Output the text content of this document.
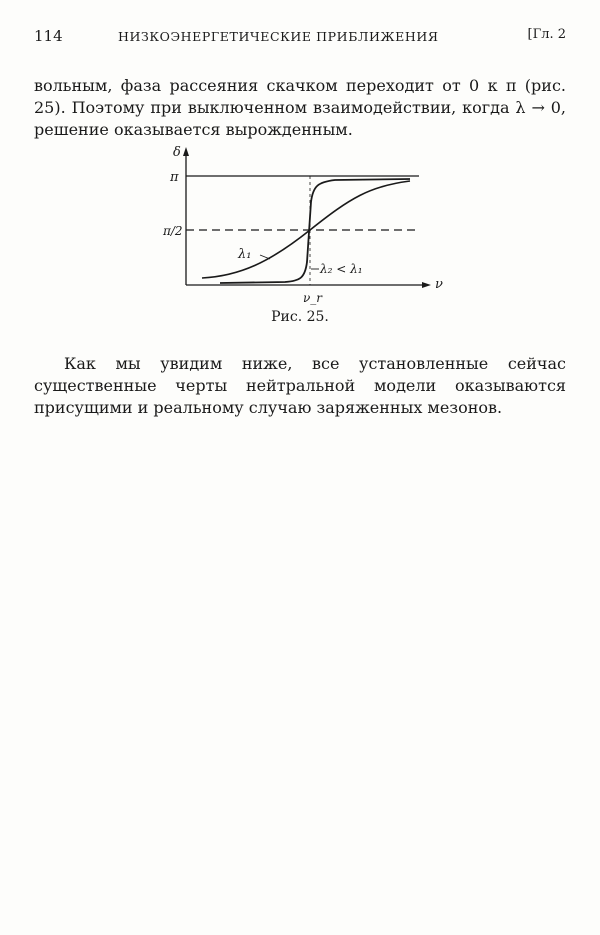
114	НИЗКОЭНЕРГЕТИЧЕСКИЕ ПРИБЛИЖЕНИЯ	[Гл. 2

вольным, фаза рассеяния скачком переходит от 0 к π (рис. 25). Поэтому при выключенном взаимодействии, когда λ → 0, решение оказывается вырожденным.

δ
π
π/2
ν
ν_r
λ₁
λ₂ < λ₁
Рис. 25.

Как мы увидим ниже, все установленные сейчас существенные черты нейтральной модели оказываются присущими и реальному случаю заряженных мезонов.
